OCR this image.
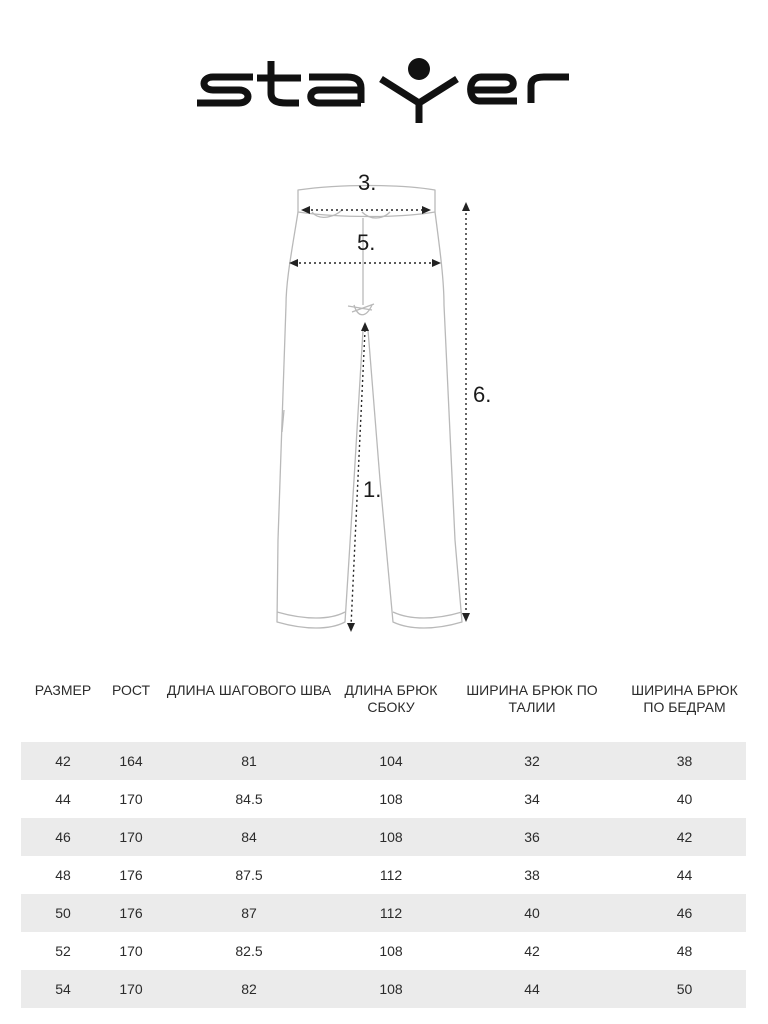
3.
5.
6.
1.
РАЗМЕР	РОСТ	ДЛИНА ШАГОВОГО ШВА	ДЛИНА БРЮК СБОКУ	ШИРИНА БРЮК ПО ТАЛИИ	ШИРИНА БРЮК ПО БЕДРАМ
42	164	81	104	32	38
44	170	84.5	108	34	40
46	170	84	108	36	42
48	176	87.5	112	38	44
50	176	87	112	40	46
52	170	82.5	108	42	48
54	170	82	108	44	50
